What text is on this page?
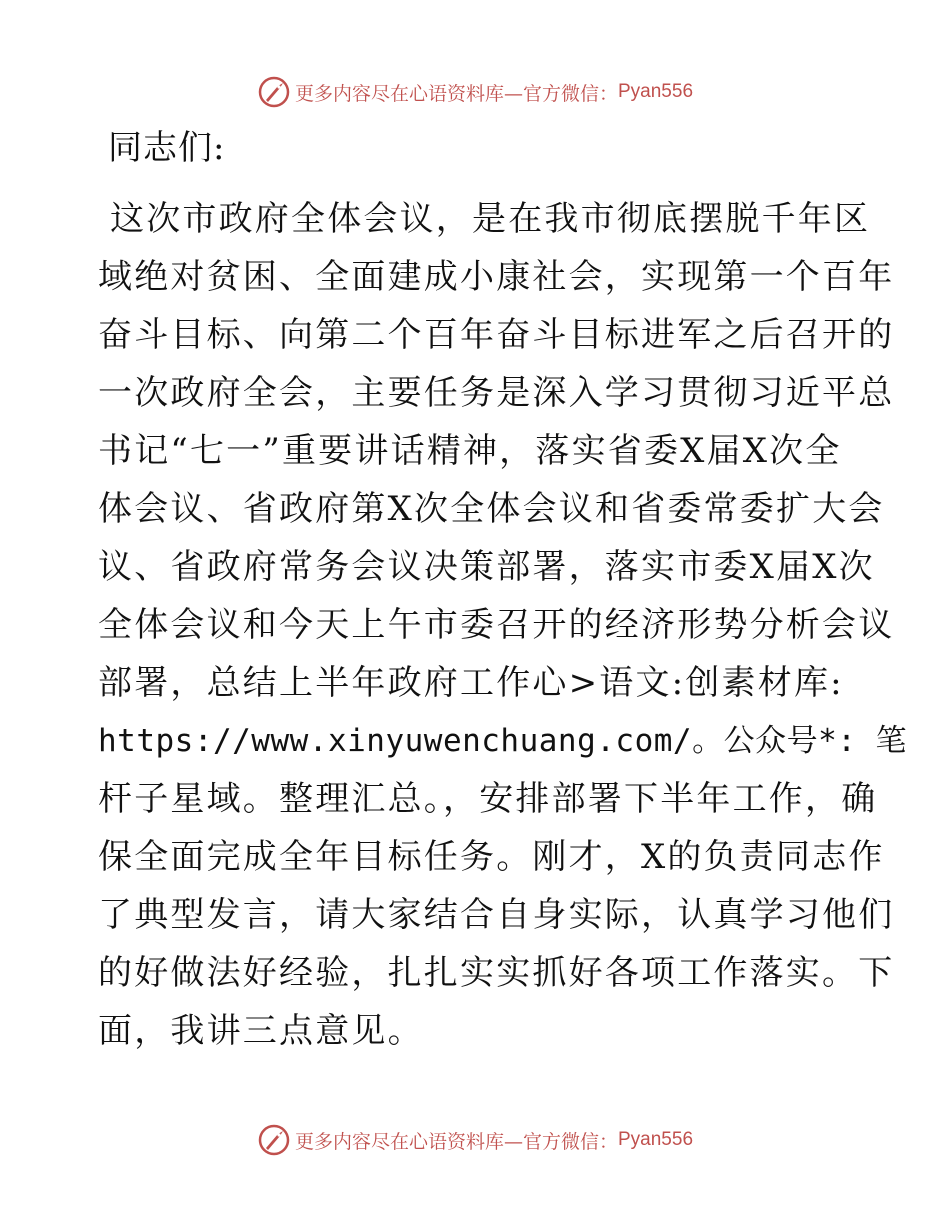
更多内容尽在心语资料库—官方微信： Pyan556
同志们:
这次市政府全体会议，是在我市彻底摆脱千年区
域绝对贫困、全面建成小康社会，实现第一个百年
奋斗目标、向第二个百年奋斗目标进军之后召开的
一次政府全会，主要任务是深入学习贯彻习近平总
书记“七一”重要讲话精神，落实省委X届X次全
体会议、省政府第X次全体会议和省委常委扩大会
议、省政府常务会议决策部署，落实市委X届X次
全体会议和今天上午市委召开的经济形势分析会议
部署，总结上半年政府工作心>语文:创素材库:
https://www.xinyuwenchuang.com/。公众号*: 笔
杆子星域。整理汇总。，安排部署下半年工作，确
保全面完成全年目标任务。刚才，X的负责同志作
了典型发言，请大家结合自身实际，认真学习他们
的好做法好经验，扎扎实实抓好各项工作落实。下
面，我讲三点意见。
更多内容尽在心语资料库—官方微信： Pyan556
